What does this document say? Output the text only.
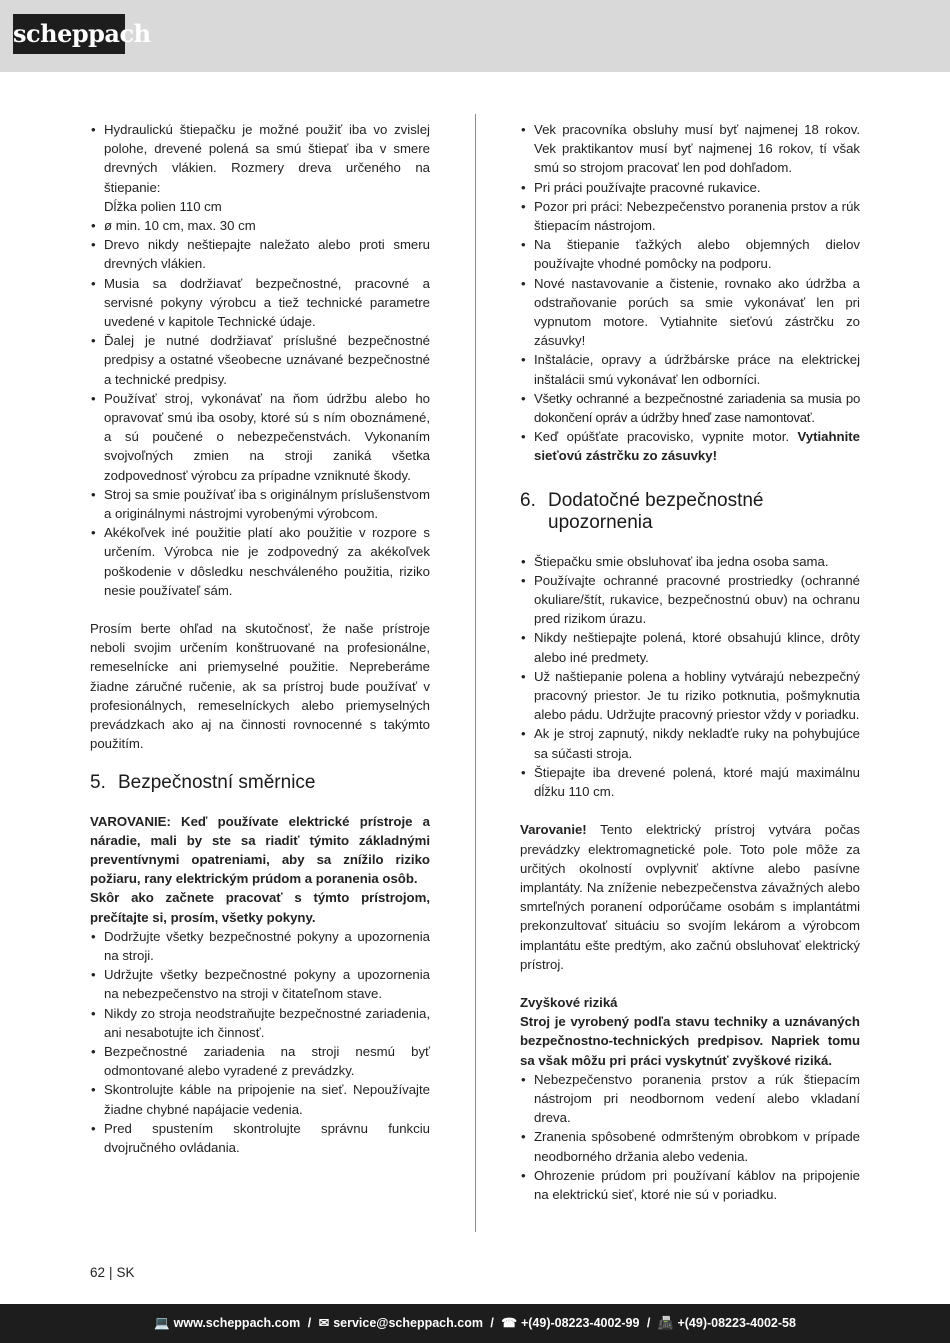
scheppach
• Hydraulickú štiepačku je možné použiť iba vo zvislej polohe, drevené polená sa smú štiepať iba v smere drevných vlákien. Rozmery dreva určeného na štiepanie:

Dĺžka polien 110 cm

• ø min. 10 cm, max. 30 cm
• Drevo nikdy neštiepajte naležato alebo proti smeru drevných vlákien.
• Musia sa dodržiavať bezpečnostné, pracovné a servisné pokyny výrobcu a tiež technické parametre uvedené v kapitole Technické údaje.
• Ďalej je nutné dodržiavať príslušné bezpečnostné predpisy a ostatné všeobecne uznávané bezpečnostné a technické predpisy.
• Používať stroj, vykonávať na ňom údržbu alebo ho opravovať smú iba osoby, ktoré sú s ním oboznámené, a sú poučené o nebezpečenstvách. Vykonaním svojvoľných zmien na stroji zaniká všetka zodpovednosť výrobcu za prípadne vzniknuté škody.
• Stroj sa smie používať iba s originálnym príslušenstvom a originálnymi nástrojmi vyrobenými výrobcom.
• Akékoľvek iné použitie platí ako použitie v rozpore s určením. Výrobca nie je zodpovedný za akékoľvek poškodenie v dôsledku neschváleného použitia, riziko nesie používateľ sám.

Prosím berte ohľad na skutočnosť, že naše prístroje neboli svojim určením konštruované na profesionálne, remeselnícke ani priemyselné použitie. Nepreberáme žiadne záručné ručenie, ak sa prístroj bude používať v profesionálnych, remeselníckych alebo priemyselných prevádzkach ako aj na činnosti rovnocenné s takýmto použitím.

5. Bezpečnostní směrnice

VAROVANIE: Keď používate elektrické prístroje a náradie, mali by ste sa riadiť týmito základnými preventívnymi opatreniami, aby sa znížilo riziko požiaru, rany elektrickým prúdom a poranenia osôb.

Skôr ako začnete pracovať s týmto prístrojom, prečítajte si, prosím, všetky pokyny.

• Dodržujte všetky bezpečnostné pokyny a upozornenia na stroji.
• Udržujte všetky bezpečnostné pokyny a upozornenia na nebezpečenstvo na stroji v čitateľnom stave.
• Nikdy zo stroja neodstraňujte bezpečnostné zariadenia, ani nesabotujte ich činnosť.
• Bezpečnostné zariadenia na stroji nesmú byť odmontované alebo vyradené z prevádzky.
• Skontrolujte káble na pripojenie na sieť. Nepoužívajte žiadne chybné napájacie vedenia.
• Pred spustením skontrolujte správnu funkciu dvojručného ovládania.
• Vek pracovníka obsluhy musí byť najmenej 18 rokov. Vek praktikantov musí byť najmenej 16 rokov, tí však smú so strojom pracovať len pod dohľadom.
• Pri práci používajte pracovné rukavice.
• Pozor pri práci: Nebezpečenstvo poranenia prstov a rúk štiepacím nástrojom.
• Na štiepanie ťažkých alebo objemných dielov používajte vhodné pomôcky na podporu.
• Nové nastavovanie a čistenie, rovnako ako údržba a odstraňovanie porúch sa smie vykonávať len pri vypnutom motore. Vytiahnite sieťovú zástrčku zo zásuvky!
• Inštalácie, opravy a údržbárske práce na elektrickej inštalácii smú vykonávať len odborníci.
• Všetky ochranné a bezpečnostné zariadenia sa musia po dokončení opráv a údržby hneď zase namontovať.
• Keď opúšťate pracovisko, vypnite motor. Vytiahnite sieťovú zástrčku zo zásuvky!
6. Dodatočné bezpečnostné upozornenia
• Štiepačku smie obsluhovať iba jedna osoba sama.
• Používajte ochranné pracovné prostriedky (ochranné okuliare/štít, rukavice, bezpečnostnú obuv) na ochranu pred rizikom úrazu.
• Nikdy neštiepajte polená, ktoré obsahujú klince, drôty alebo iné predmety.
• Už naštiepanie polena a hobliny vytvárajú nebezpečný pracovný priestor. Je tu riziko potknutia, pošmyknutia alebo pádu. Udržujte pracovný priestor vždy v poriadku.
• Ak je stroj zapnutý, nikdy nekladťe ruky na pohybujúce sa súčasti stroja.
• Štiepajte iba drevené polená, ktoré majú maximálnu dĺžku 110 cm.

Varovanie! Tento elektrický prístroj vytvára počas prevádzky elektromagnetické pole. Toto pole môže za určitých okolností ovplyvniť aktívne alebo pasívne implantáty. Na zníženie nebezpečenstva závažných alebo smrteľných poranení odporúčame osobám s implantátmi prekonzultovať situáciu so svojím lekárom a výrobcom implantátu ešte predtým, ako začnú obsluhovať elektrický prístroj.

Zvyškové riziká

Stroj je vyrobený podľa stavu techniky a uznávaných bezpečnostno-technických predpisov. Napriek tomu sa však môžu pri práci vyskytnúť zvyškové riziká.

• Nebezpečenstvo poranenia prstov a rúk štiepacím nástrojom pri neodbornom vedení alebo vkladaní dreva.
• Zranenia spôsobené odmršteným obrobkom v prípade neodborného držania alebo vedenia.
• Ohrozenie prúdom pri používaní káblov na pripojenie na elektrickú sieť, ktoré nie sú v poriadku.
62 | SK
💻 www.scheppach.com / ✉ service@scheppach.com / ☎ +(49)-08223-4002-99 / 📠 +(49)-08223-4002-58
